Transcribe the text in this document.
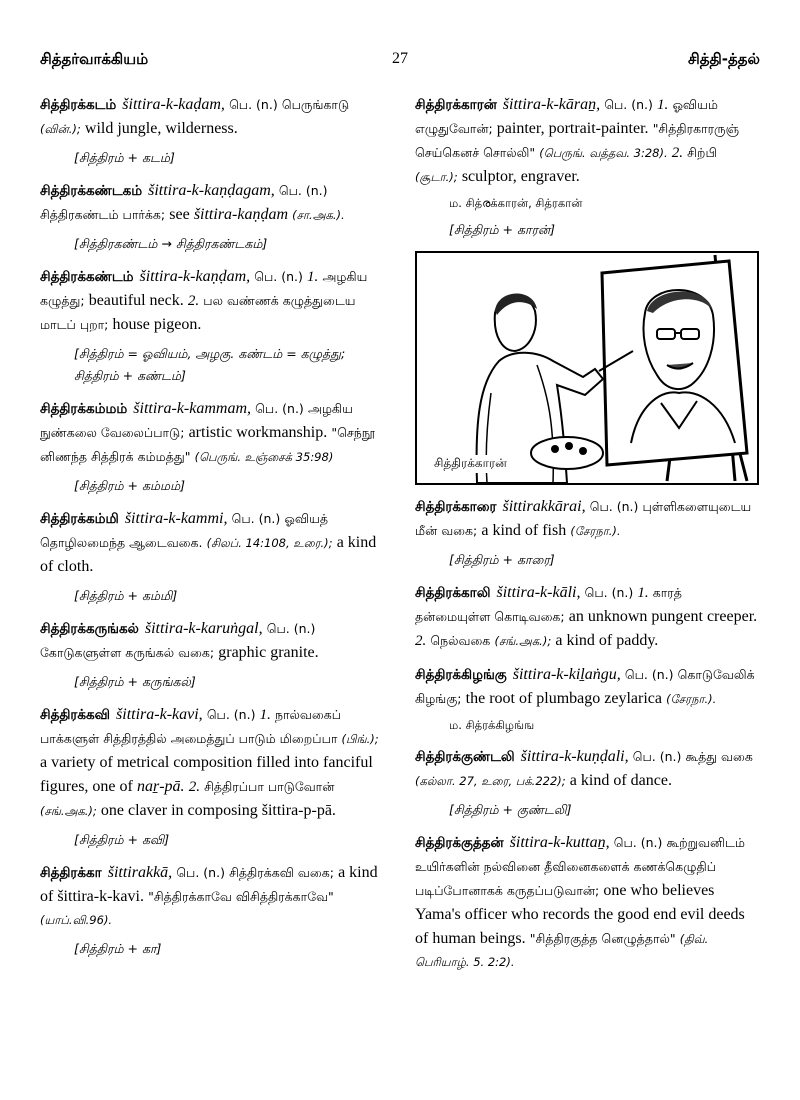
சித்தர்வாக்கியம்	27	சித்தி-த்தல்
சித்திரக்கடம் šittira-k-kaḍam, பெ. (n.) பெருங்காடு (வின்.); wild jungle, wilderness.
[சித்திரம் + கடம்]
சித்திரக்கண்டகம் šittira-k-kaṇḍagam, பெ. (n.) சித்திரகண்டம் பார்க்க; see šittira-kaṇḍam (சா.அக.).
[சித்திரகண்டம் → சித்திரகண்டகம்]
சித்திரக்கண்டம் šittira-k-kaṇḍam, பெ. (n.) 1. அழகிய கழுத்து; beautiful neck. 2. பல வண்ணக் கழுத்துடைய மாடப் புறா; house pigeon.
[சித்திரம் = ஓவியம், அழகு. கண்டம் = கழுத்து; சித்திரம் + கண்டம்]
சித்திரக்கம்மம் šittira-k-kammam, பெ. (n.) அழகிய நுண்கலை வேலைப்பாடு; artistic workmanship. "செந்நூ னிணந்த சித்திரக் கம்மத்து" (பெருங். உஞ்சைக் 35:98)
[சித்திரம் + கம்மம்]
சித்திரக்கம்மி šittira-k-kammi, பெ. (n.) ஓவியத் தொழிலமைந்த ஆடைவகை. (சிலப். 14:108, உரை.); a kind of cloth.
[சித்திரம் + கம்மி]
சித்திரக்கருங்கல் šittira-k-karuṅgal, பெ. (n.) கோடுகளுள்ள கருங்கல் வகை; graphic granite.
[சித்திரம் + கருங்கல்]
சித்திரக்கவி šittira-k-kavi, பெ. (n.) 1. நால்வகைப் பாக்களுள் சித்திரத்தில் அமைத்துப் பாடும் மிறைப்பா (பிங்.); a variety of metrical composition filled into fanciful figures, one of naṟ-pā. 2. சித்திரப்பா பாடுவோன் (சங்.அக.); one claver in composing šittira-p-pā.
[சித்திரம் + கவி]
சித்திரக்கா šittirakkā, பெ. (n.) சித்திரக்கவி வகை; a kind of šittira-k-kavi. "சித்திரக்காவே விசித்திரக்காவே" (யாப்.வி.96).
[சித்திரம் + கா]
சித்திரக்காரன் šittira-k-kāraṉ, பெ. (n.) 1. ஓவியம் எழுதுவோன்; painter, portrait-painter. "சித்திரகாரருஞ் செய்கெனச் சொல்லி" (பெருங். வத்தவ. 3:28). 2. சிற்பி (சூடா.); sculptor, engraver.
ம. சித்രக்காரன், சித்ரகான்
[சித்திரம் + காரன்]
சித்திரக்காரன்
சித்திரக்காரை šittirakkārai, பெ. (n.) புள்ளிகளையுடைய மீன் வகை; a kind of fish (சேரநா.).
[சித்திரம் + காரை]
சித்திரக்காலி šittira-k-kāli, பெ. (n.) 1. காரத் தன்மையுள்ள கொடிவகை; an unknown pungent creeper. 2. நெல்வகை (சங்.அக.); a kind of paddy.
சித்திரக்கிழங்கு šittira-k-kiḻaṅgu, பெ. (n.) கொடுவேலிக் கிழங்கு; the root of plumbago zeylarica (சேரநா.).
ம. சித்ரக்கிழங்ங
சித்திரக்குண்டலி šittira-k-kuṇḍali, பெ. (n.) கூத்து வகை (கல்லா. 27, உரை, பக்.222); a kind of dance.
[சித்திரம் + குண்டலி]
சித்திரக்குத்தன் šittira-k-kuttaṉ, பெ. (n.) கூற்றுவனிடம் உயிர்களின் நல்வினை தீவினைகளைக் கணக்கெழுதிப் படிப்போனாகக் கருதப்படுவான்; one who believes Yama's officer who records the good end evil deeds of human beings. "சித்திரகுத்த னெழுத்தால்" (திவ். பெரியாழ். 5. 2:2).
